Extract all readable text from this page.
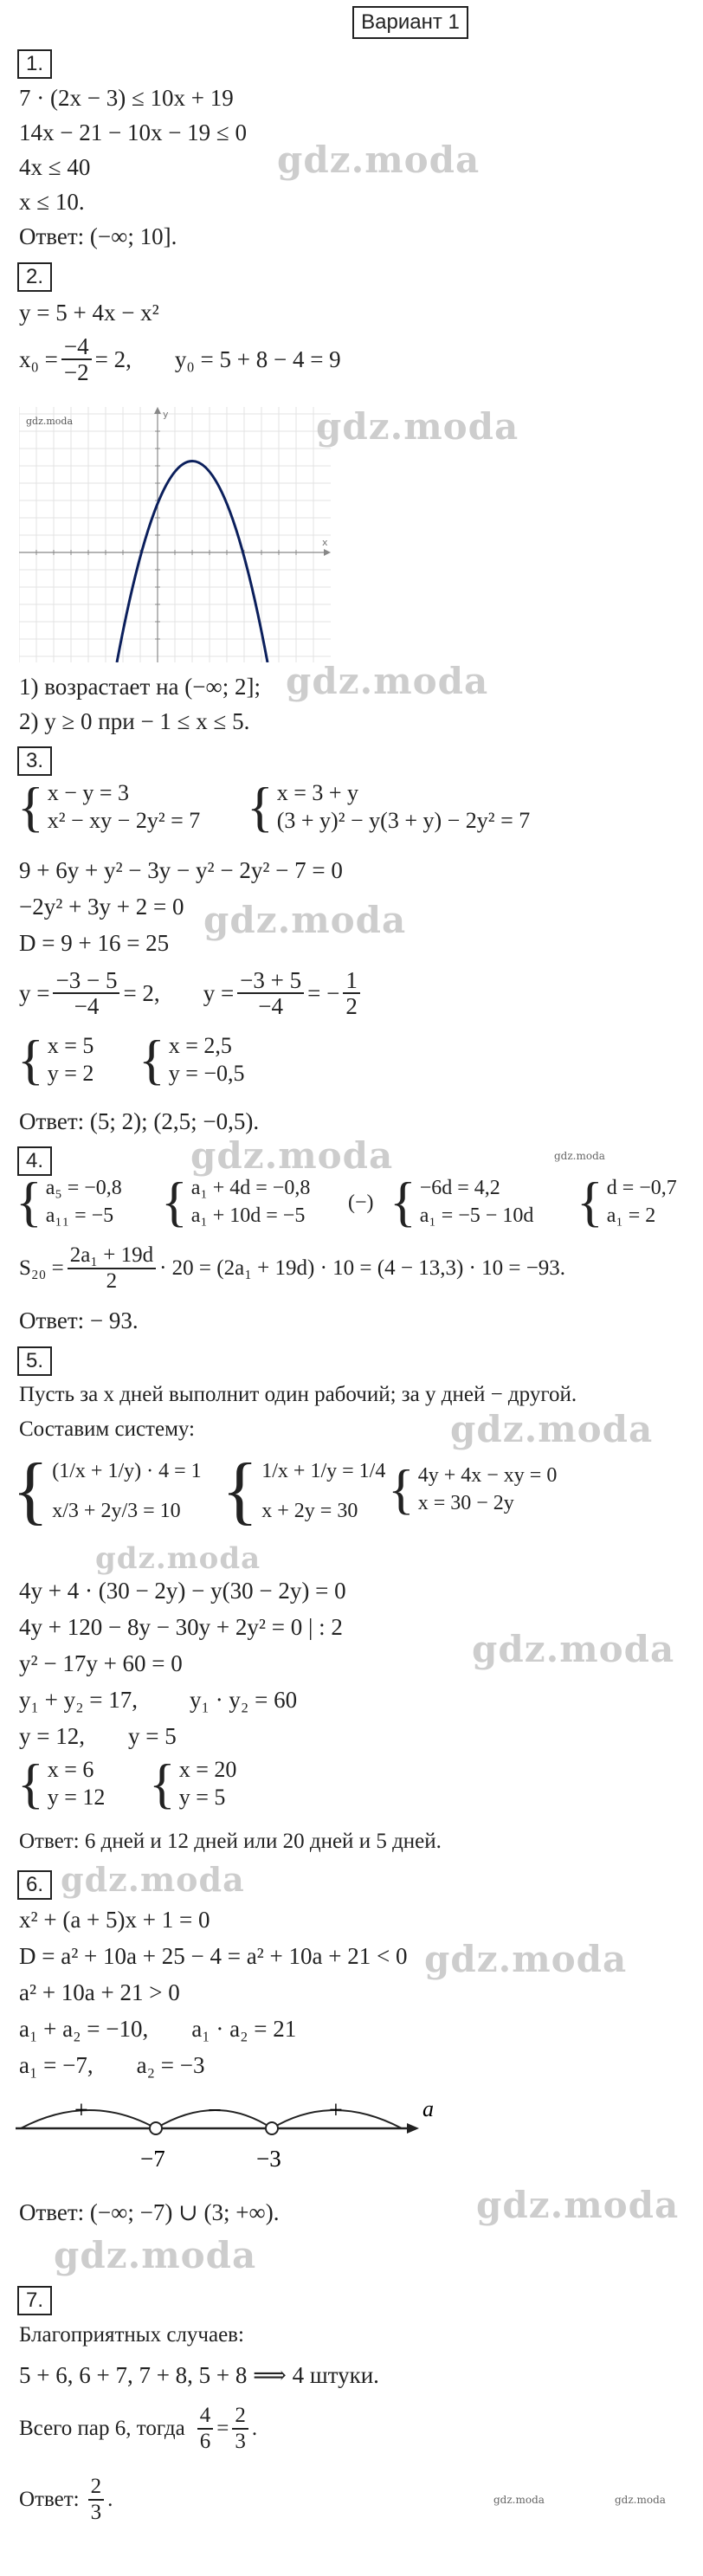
Вариант 1
1.
7 · (2x − 3) ≤ 10x + 19
14x − 21 − 10x − 19 ≤ 0
4x ≤ 40
x ≤ 10.
Ответ: (−∞; 10].
gdz.moda
2.
y = 5 + 4x − x²
$x_0 = \frac{-4}{-2} = 2$, y₀ = 5 + 8 − 4 = 9
gdz.moda
x
y	gdz.moda
1) возрастает на (−∞; 2];
2) y ≥ 0 при − 1 ≤ x ≤ 5.
gdz.moda
3.
{ x − y = 3
x² − xy − 2y² = 7 { x = 3 + y
(3 + y)² − y(3 + y) − 2y² = 7
9 + 6y + y² − 3y − y² − 2y² − 7 = 0
−2y² + 3y + 2 = 0
D = 9 + 16 = 25
gdz.moda
$y = \frac{-3 - 5}{-4} = 2$, $y = \frac{-3 + 5}{-4}$ = − $\frac{1}{2}$
{ x = 5
y = 2 { x = 2,5
y = −0,5
Ответ: (5; 2); (2,5; −0,5).
4.	gdz.moda	gdz.moda
{ a₅ = −0,8
a₁₁ = −5 { a₁ + 4d = −0,8
a₁ + 10d = −5
(−) { −6d = 4,2
a₁ = −5 − 10d { d = −0,7
a₁ = 2
$S_{20} = \frac{\text{2a₁ + 19d}}{2} \cdot 20 = (2a_1 + 19d) \cdot 10 = (4 - 13,3) \cdot 10 = -93$.
Ответ: − 93.
5.
Пусть за x дней выполнит один рабочий; за y дней − другой.
Составим систему:	gdz.moda
{ (1/x + 1/y) · 4 = 1
x/3 + 2y/3 = 10 { 1/x + 1/y = 1/4
x + 2y = 30 { 4y + 4x − xy = 0
x = 30 − 2y
gdz.moda
4y + 4 · (30 − 2y) − y(30 − 2y) = 0
4y + 120 − 8y − 30y + 2y² = 0 | : 2
y² − 17y + 60 = 0	gdz.moda
y₁ + y₂ = 17, y₁ · y₂ = 60
y = 12, y = 5
{ x = 6
y = 12 { x = 20
y = 5
Ответ: 6 дней и 12 дней или 20 дней и 5 дней.
6. gdz.moda
x² + (a + 5)x + 1 = 0
D = a² + 10a + 25 − 4 = a² + 10a + 21 < 0 gdz.moda
a² + 10a + 21 > 0
a₁ + a₂ = −10, a₁ · a₂ = 21
a₁ = −7, a₂ = −3
+	−	+	a
−7	−3
Ответ: (−∞; −7) ∪ (3; +∞).	gdz.moda
gdz.moda
7.
Благоприятных случаев:
5 + 6, 6 + 7, 7 + 8, 5 + 8 ⟹ 4 штуки.
Всего пар 6, тогда $\frac{4}{6} = \frac{2}{3}$ .
Ответ: $\frac{2}{3}$ .	gdz.moda	gdz.moda
